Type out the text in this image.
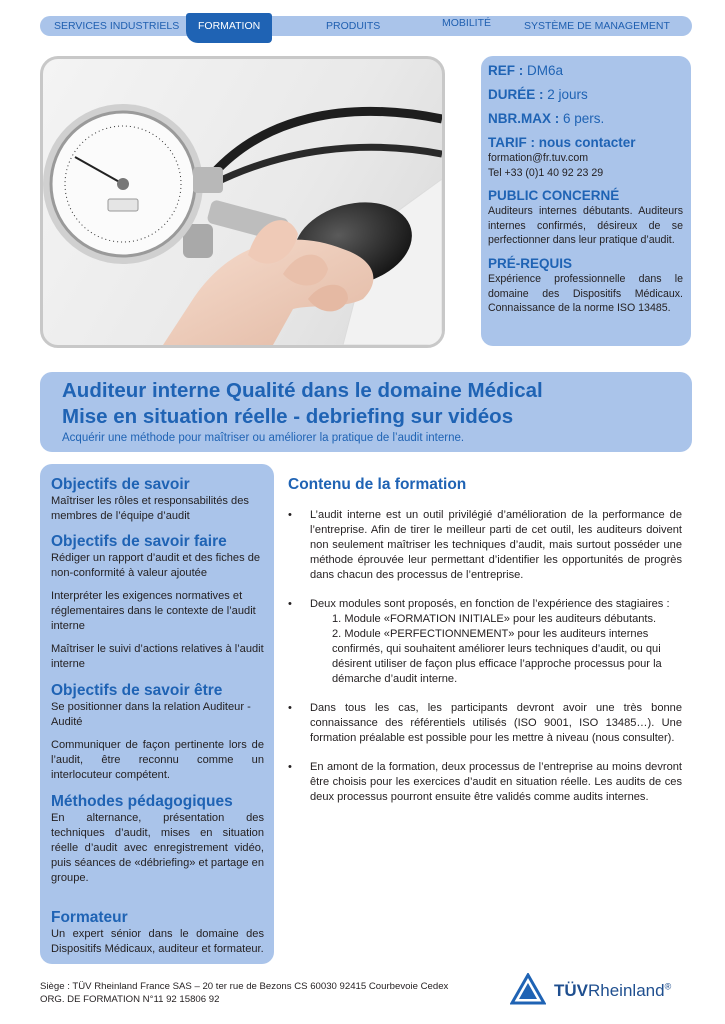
SERVICES INDUSTRIELS	FORMATION	PRODUITS	MOBILITÉ	SYSTÈME DE MANAGEMENT
REF : DM6a
DURÉE : 2 jours
NBR.MAX : 6 pers.
TARIF : nous contacter
formation@fr.tuv.com
Tel +33 (0)1 40 92 23 29
PUBLIC CONCERNÉ
Auditeurs internes débutants. Auditeurs internes confirmés, désireux de se perfectionner dans leur pratique d’audit.
PRÉ-REQUIS
Expérience professionnelle dans le domaine des Dispositifs Médicaux. Connaissance de la norme ISO 13485.
Auditeur interne Qualité dans le domaine Médical
Mise en situation réelle - debriefing sur vidéos
Acquérir une méthode pour maîtriser ou améliorer la pratique de l’audit interne.
Objectifs de savoir
Maîtriser les rôles et responsabilités des membres de l’équipe d’audit
Objectifs de savoir faire
Rédiger un rapport d’audit et des fiches de non-conformité à valeur ajoutée
Interpréter les exigences normatives et réglementaires dans le contexte de l’audit interne
Maîtriser le suivi d’actions relatives à l’audit interne
Objectifs de savoir être
Se positionner dans la relation Auditeur - Audité
Communiquer de façon pertinente lors de l’audit, être reconnu comme un interlocuteur compétent.
Méthodes pédagogiques
En alternance, présentation des techniques d’audit, mises en situation réelle d’audit avec enregistrement vidéo, puis séances de «débriefing» et partage en groupe.
Formateur
Un expert sénior dans le domaine des Dispositifs Médicaux, auditeur et formateur.
Contenu de la formation
• L’audit interne est un outil privilégié d’amélioration de la performance de l’entreprise. Afin de tirer le meilleur parti de cet outil, les auditeurs doivent non seulement maîtriser les techniques d’audit, mais surtout posséder une méthode éprouvée leur permettant d’identifier les opportunités de progrès dans chacun des processus de l’entreprise.
• Deux modules sont proposés, en fonction de l’expérience des stagiaires :
1. Module «FORMATION INITIALE» pour les auditeurs débutants.
2. Module «PERFECTIONNEMENT» pour les auditeurs internes confirmés, qui souhaitent améliorer leurs techniques d’audit, ou qui désirent utiliser de façon plus efficace l’approche processus pour la démarche d’audit interne.
• Dans tous les cas, les participants devront avoir une très bonne connaissance des référentiels utilisés (ISO 9001, ISO 13485…). Une formation préalable est possible pour les mettre à niveau (nous consulter).
• En amont de la formation, deux processus de l’entreprise au moins devront être choisis pour les exercices d’audit en situation réelle. Les audits de ces deux processus pourront ensuite être validés comme audits internes.
Siège : TÜV Rheinland France SAS – 20 ter rue de Bezons CS 60030 92415 Courbevoie Cedex
ORG. DE FORMATION N°11 92 15806 92	TÜVRheinland®
